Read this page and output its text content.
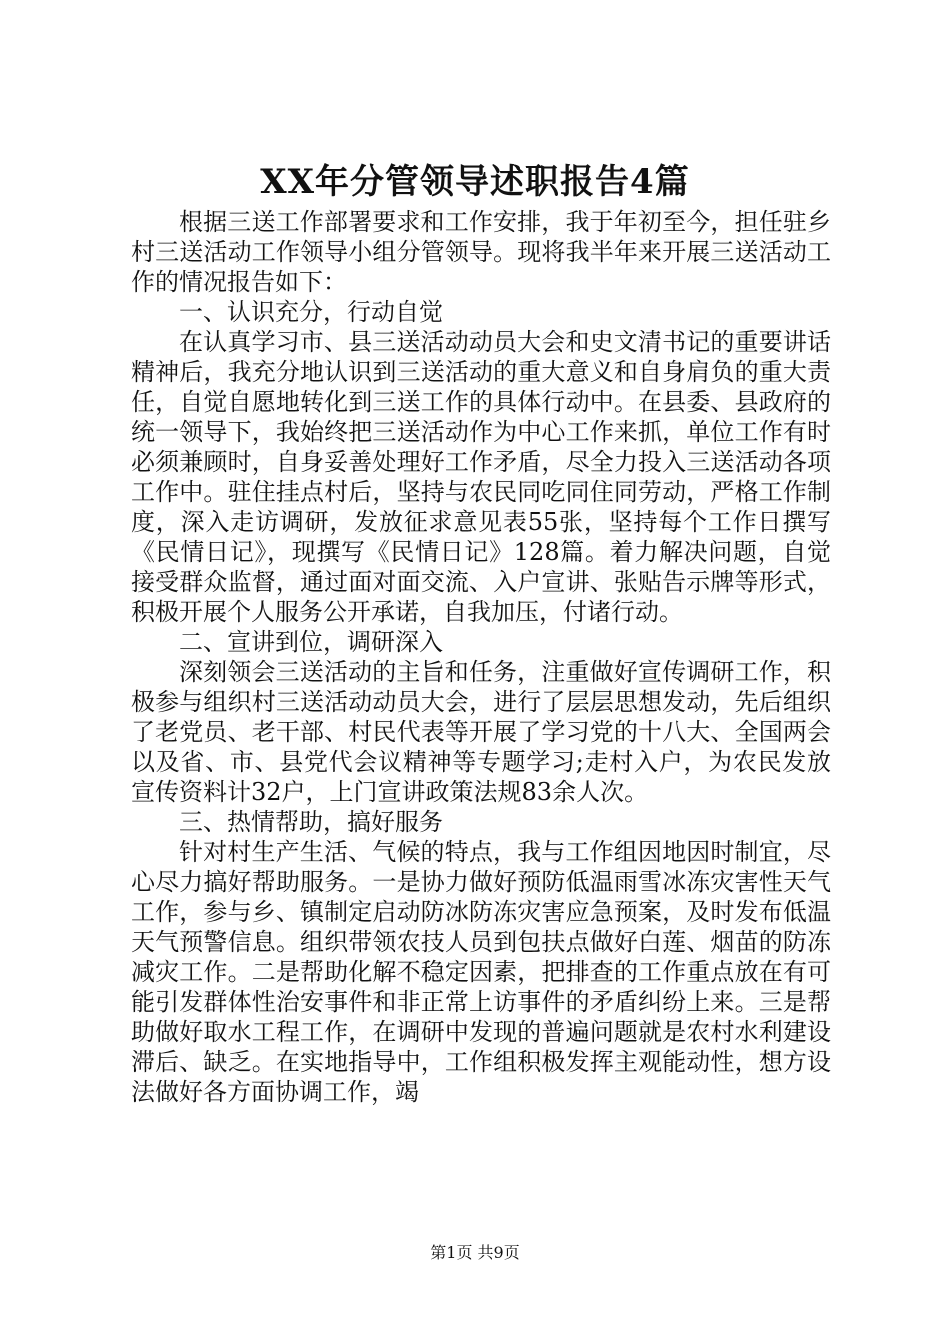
XX年分管领导述职报告4篇

根据三送工作部署要求和工作安排，我于年初至今，担任驻乡村三送活动工作领导小组分管领导。现将我半年来开展三送活动工作的情况报告如下：

一、认识充分，行动自觉

在认真学习市、县三送活动动员大会和史文清书记的重要讲话精神后，我充分地认识到三送活动的重大意义和自身肩负的重大责任，自觉自愿地转化到三送工作的具体行动中。在县委、县政府的统一领导下，我始终把三送活动作为中心工作来抓，单位工作有时必须兼顾时，自身妥善处理好工作矛盾，尽全力投入三送活动各项工作中。驻住挂点村后，坚持与农民同吃同住同劳动，严格工作制度，深入走访调研，发放征求意见表55张，坚持每个工作日撰写《民情日记》，现撰写《民情日记》128篇。着力解决问题，自觉接受群众监督，通过面对面交流、入户宣讲、张贴告示牌等形式，积极开展个人服务公开承诺，自我加压，付诸行动。

二、宣讲到位，调研深入

深刻领会三送活动的主旨和任务，注重做好宣传调研工作，积极参与组织村三送活动动员大会，进行了层层思想发动，先后组织了老党员、老干部、村民代表等开展了学习党的十八大、全国两会以及省、市、县党代会议精神等专题学习;走村入户，为农民发放宣传资料计32户，上门宣讲政策法规83余人次。

三、热情帮助，搞好服务

针对村生产生活、气候的特点，我与工作组因地因时制宜，尽心尽力搞好帮助服务。一是协力做好预防低温雨雪冰冻灾害性天气工作，参与乡、镇制定启动防冰防冻灾害应急预案，及时发布低温天气预警信息。组织带领农技人员到包扶点做好白莲、烟苗的防冻减灾工作。二是帮助化解不稳定因素，把排查的工作重点放在有可能引发群体性治安事件和非正常上访事件的矛盾纠纷上来。三是帮助做好取水工程工作，在调研中发现的普遍问题就是农村水利建设滞后、缺乏。在实地指导中，工作组积极发挥主观能动性，想方设法做好各方面协调工作，竭

第1页 共9页
